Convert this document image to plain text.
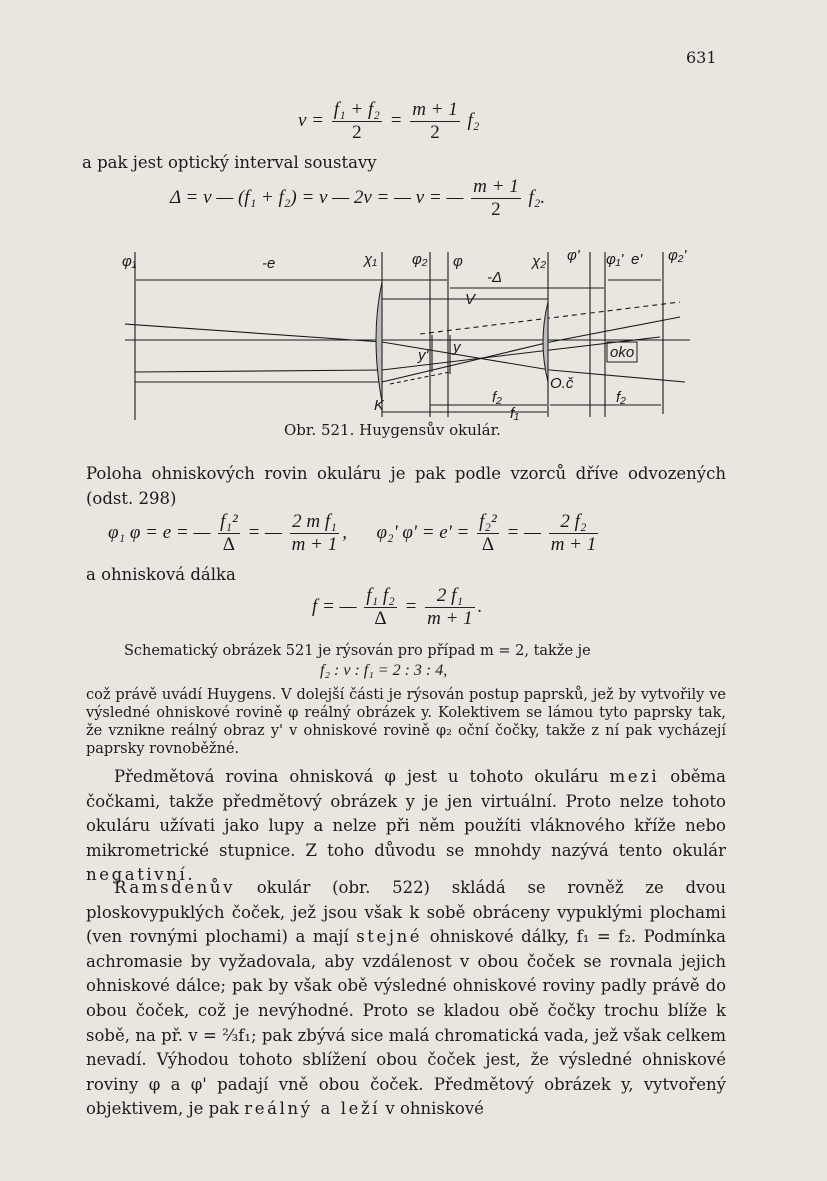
631
$v = \frac{\text{f₁ + f₂}}{2} = \frac{m + 1}{2} f_2$
a pak jest optický interval soustavy
Δ = v — (f₁ + f₂) = v — 2v = — v = — $\frac{m + 1}{2} f_2$.
φ₁	-e	χ₁ φ₂ φ	χ₂ φ' φ₁' e' φ₂'
-Δ
V
y' y
K
O.č
oko
f₂
f₁
f₂
Obr. 521. Huygensův okulár.
Poloha ohniskových rovin okuláru je pak podle vzorců dříve odvozených (odst. 298)
φ₁ φ = e = — $\frac{\text{f₁²}}{\Delta}$ = — $\frac{\text{2 m f₁}}{m + 1}$ , φ₂' $\varphi' = e' = \frac{\text{f₂²}}{\Delta}$ = — $\frac{\text{2 f₂}}{m + 1}$
a ohnisková dálka
f = — $\frac{\text{f₁ f₂}}{\Delta} = \frac{\text{2 f₁}}{m + 1}$ .
Schematický obrázek 521 je rýsován pro případ m = 2, takže je
f₂ : v : f₁ = 2 : 3 : 4,
což právě uvádí Huygens. V dolejší části je rýsován postup paprsků, jež by vytvořily ve výsledné ohniskové rovině φ reálný obrázek y. Kolektivem se lámou tyto paprsky tak, že vznikne reálný obraz y' v ohniskové rovině φ₂ oční čočky, takže z ní pak vycházejí paprsky rovnoběžné.
Předmětová rovina ohnisková φ jest u tohoto okuláru mezi oběma čočkami, takže předmětový obrázek y je jen virtuální. Proto nelze tohoto okuláru užívati jako lupy a nelze při něm použíti vláknového kříže nebo mikrometrické stupnice. Z toho důvodu se mnohdy nazývá tento okulár negativní.
Ramsdenův okulár (obr. 522) skládá se rovněž ze dvou ploskovypuklých čoček, jež jsou však k sobě obráceny vypuklými plochami (ven rovnými plochami) a mají stejné ohniskové dálky, f₁ = f₂. Podmínka achromasie by vyžadovala, aby vzdálenost v obou čoček se rovnala jejich ohniskové dálce; pak by však obě výsledné ohniskové roviny padly právě do obou čoček, což je nevýhodné. Proto se kladou obě čočky trochu blíže k sobě, na př. v = ⅔f₁; pak zbývá sice malá chromatická vada, jež však celkem nevadí. Výhodou tohoto sblížení obou čoček jest, že výsledné ohniskové roviny φ a φ' padají vně obou čoček. Předmětový obrázek y, vytvořený objektivem, je pak reálný a leží v ohniskové
